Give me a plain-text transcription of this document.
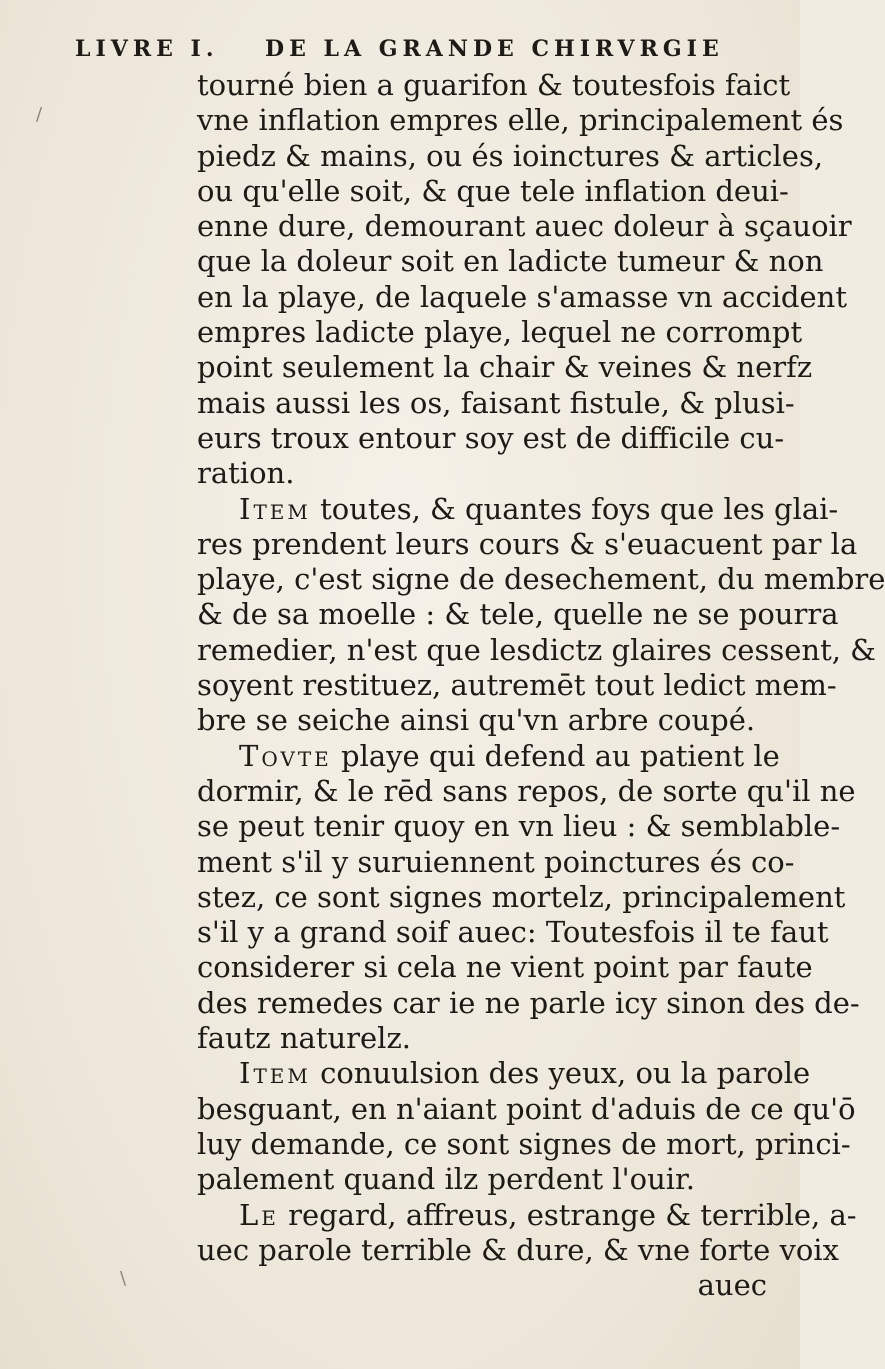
LIVRE I. DE LA GRANDE CHIRVRGIE
tourné bien a guarifon & toutesfois faict
vne inflation empres elle, principalement és
piedz & mains, ou és ioinctures & articles,
ou qu'elle soit, & que tele inflation deui-
enne dure, demourant auec doleur à sçauoir
que la doleur soit en ladicte tumeur & non
en la playe, de laquele s'amasse vn accident
empres ladicte playe, lequel ne corrompt
point seulement la chair & veines & nerfz
mais aussi les os, faisant fistule, & plusi-
eurs troux entour soy est de difficile cu-
ration.
Item toutes, & quantes foys que les glai-
res prendent leurs cours & s'euacuent par la
playe, c'est signe de desechement, du membre
& de sa moelle : & tele, quelle ne se pourra
remedier, n'est que lesdictz glaires cessent, &
soyent restituez, autremēt tout ledict mem-
bre se seiche ainsi qu'vn arbre coupé.
Tovte playe qui defend au patient le
dormir, & le rēd sans repos, de sorte qu'il ne
se peut tenir quoy en vn lieu : & semblable-
ment s'il y suruiennent poinctures és co-
stez, ce sont signes mortelz, principalement
s'il y a grand soif auec: Toutesfois il te faut
considerer si cela ne vient point par faute
des remedes car ie ne parle icy sinon des de-
fautz naturelz.
Item conuulsion des yeux, ou la parole
besguant, en n'aiant point d'aduis de ce qu'ō
luy demande, ce sont signes de mort, princi-
palement quand ilz perdent l'ouir.
Le regard, affreus, estrange & terrible, a-
uec parole terrible & dure, & vne forte voix
auec
/
\
